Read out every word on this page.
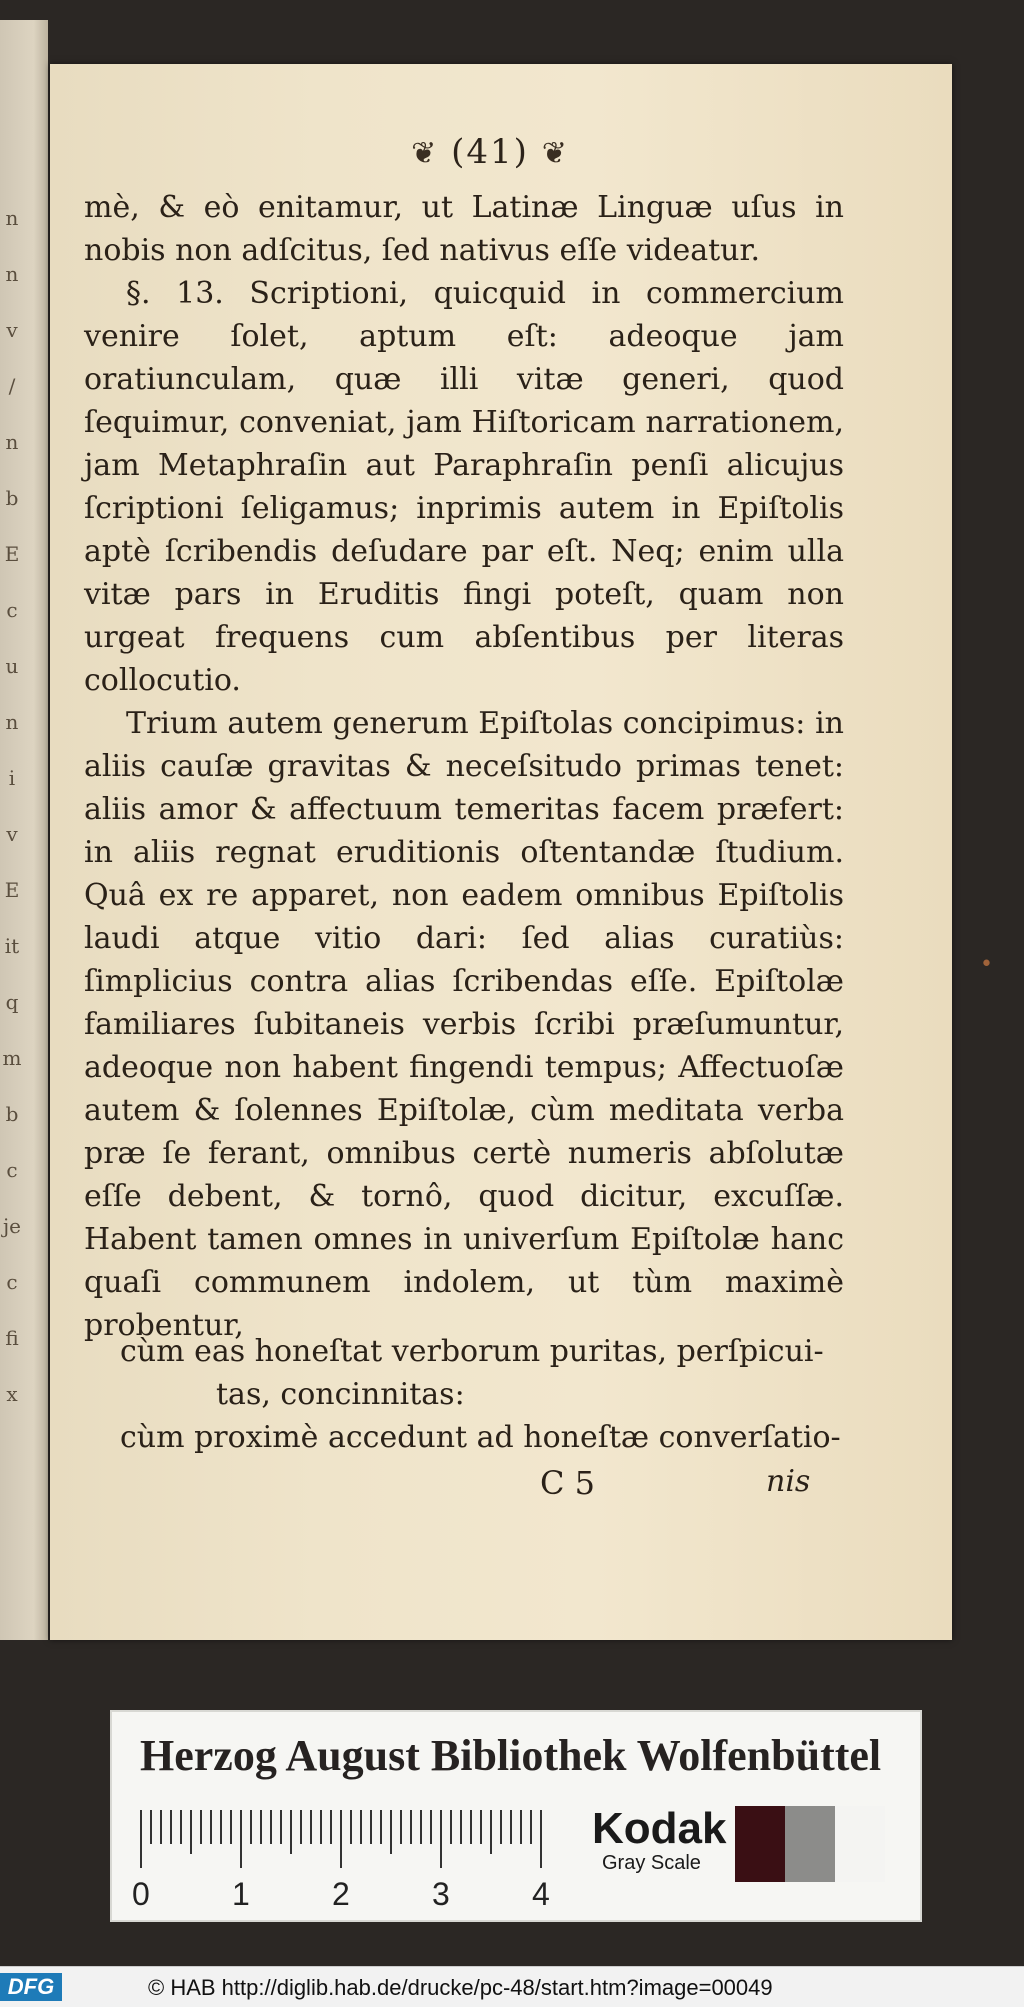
n
n
v
/
n
b
E
c
u
n
i
v
E
it
q
m
b
c
je
c
fi
x
❦ (41) ❦

mè, & eò enitamur, ut Latinæ Linguæ uſus in nobis non adſcitus, ſed nativus eſſe videatur.

§. 13. Scriptioni, quicquid in commercium venire ſolet, aptum eſt: adeoque jam oratiunculam, quæ illi vitæ generi, quod ſequimur, conveniat, jam Hiſtoricam narrationem, jam Metaphraſin aut Paraphraſin penſi alicujus ſcriptioni ſeligamus; inprimis autem in Epiſtolis aptè ſcribendis deſudare par eſt. Neq; enim ulla vitæ pars in Eruditis fingi poteſt, quam non urgeat frequens cum abſentibus per literas collocutio.

Trium autem generum Epiſtolas concipimus: in aliis cauſæ gravitas & neceſsitudo primas tenet: aliis amor & affectuum temeritas facem præfert: in aliis regnat eruditionis oſtentandæ ſtudium. Quâ ex re apparet, non eadem omnibus Epiſtolis laudi atque vitio dari: ſed alias curatiùs: ſimplicius contra alias ſcribendas eſſe. Epiſtolæ familiares ſubitaneis verbis ſcribi præſumuntur, adeoque non habent fingendi tempus; Affectuoſæ autem & ſolennes Epiſtolæ, cùm meditata verba præ ſe ferant, omnibus certè numeris abſolutæ eſſe debent, & tornô, quod dicitur, excuſſæ. Habent tamen omnes in univerſum Epiſtolæ hanc quaſi communem indolem, ut tùm maximè probentur,

cùm eas honeſtat verborum puritas, perſpicui-
tas, concinnitas:
cùm proximè accedunt ad honeſtæ converſatio-
C 5	nis
•
Herzog August Bibliothek Wolfenbüttel
0	1	2	3	4
Kodak
Gray Scale
DFG	© HAB http://diglib.hab.de/drucke/pc-48/start.htm?image=00049
